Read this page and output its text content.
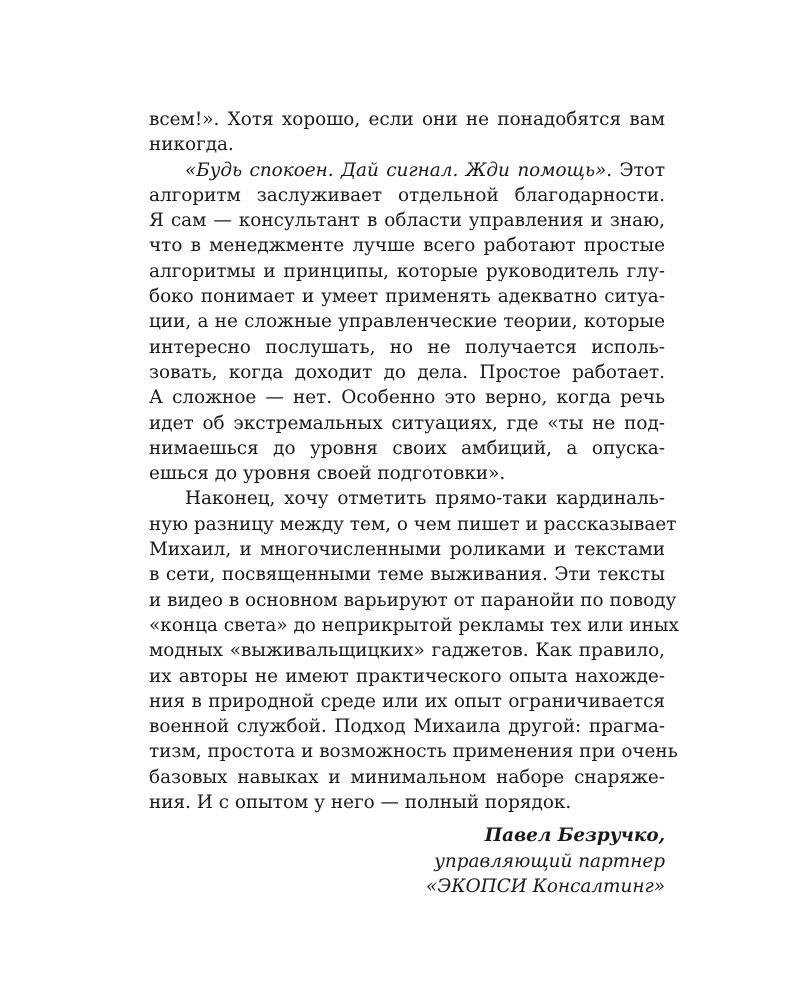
всем!». Хотя хорошо, если они не понадобятся вам
никогда.
«Будь спокоен. Дай сигнал. Жди помощь». Этот
алгоритм заслуживает отдельной благодарности.
Я сам — консультант в области управления и знаю,
что в менеджменте лучше всего работают простые
алгоритмы и принципы, которые руководитель глу-
боко понимает и умеет применять адекватно ситуа-
ции, а не сложные управленческие теории, которые
интересно послушать, но не получается исполь-
зовать, когда доходит до дела. Простое работает.
А сложное — нет. Особенно это верно, когда речь
идет об экстремальных ситуациях, где «ты не под-
нимаешься до уровня своих амбиций, а опуска-
ешься до уровня своей подготовки».
Наконец, хочу отметить прямо-таки кардиналь-
ную разницу между тем, о чем пишет и рассказывает
Михаил, и многочисленными роликами и текстами
в сети, посвященными теме выживания. Эти тексты
и видео в основном варьируют от паранойи по поводу
«конца света» до неприкрытой рекламы тех или иных
модных «выживальщицких» гаджетов. Как правило,
их авторы не имеют практического опыта нахожде-
ния в природной среде или их опыт ограничивается
военной службой. Подход Михаила другой: прагма-
тизм, простота и возможность применения при очень
базовых навыках и минимальном наборе снаряже-
ния. И с опытом у него — полный порядок.
Павел Безручко,
управляющий партнер
«ЭКОПСИ Консалтинг»
